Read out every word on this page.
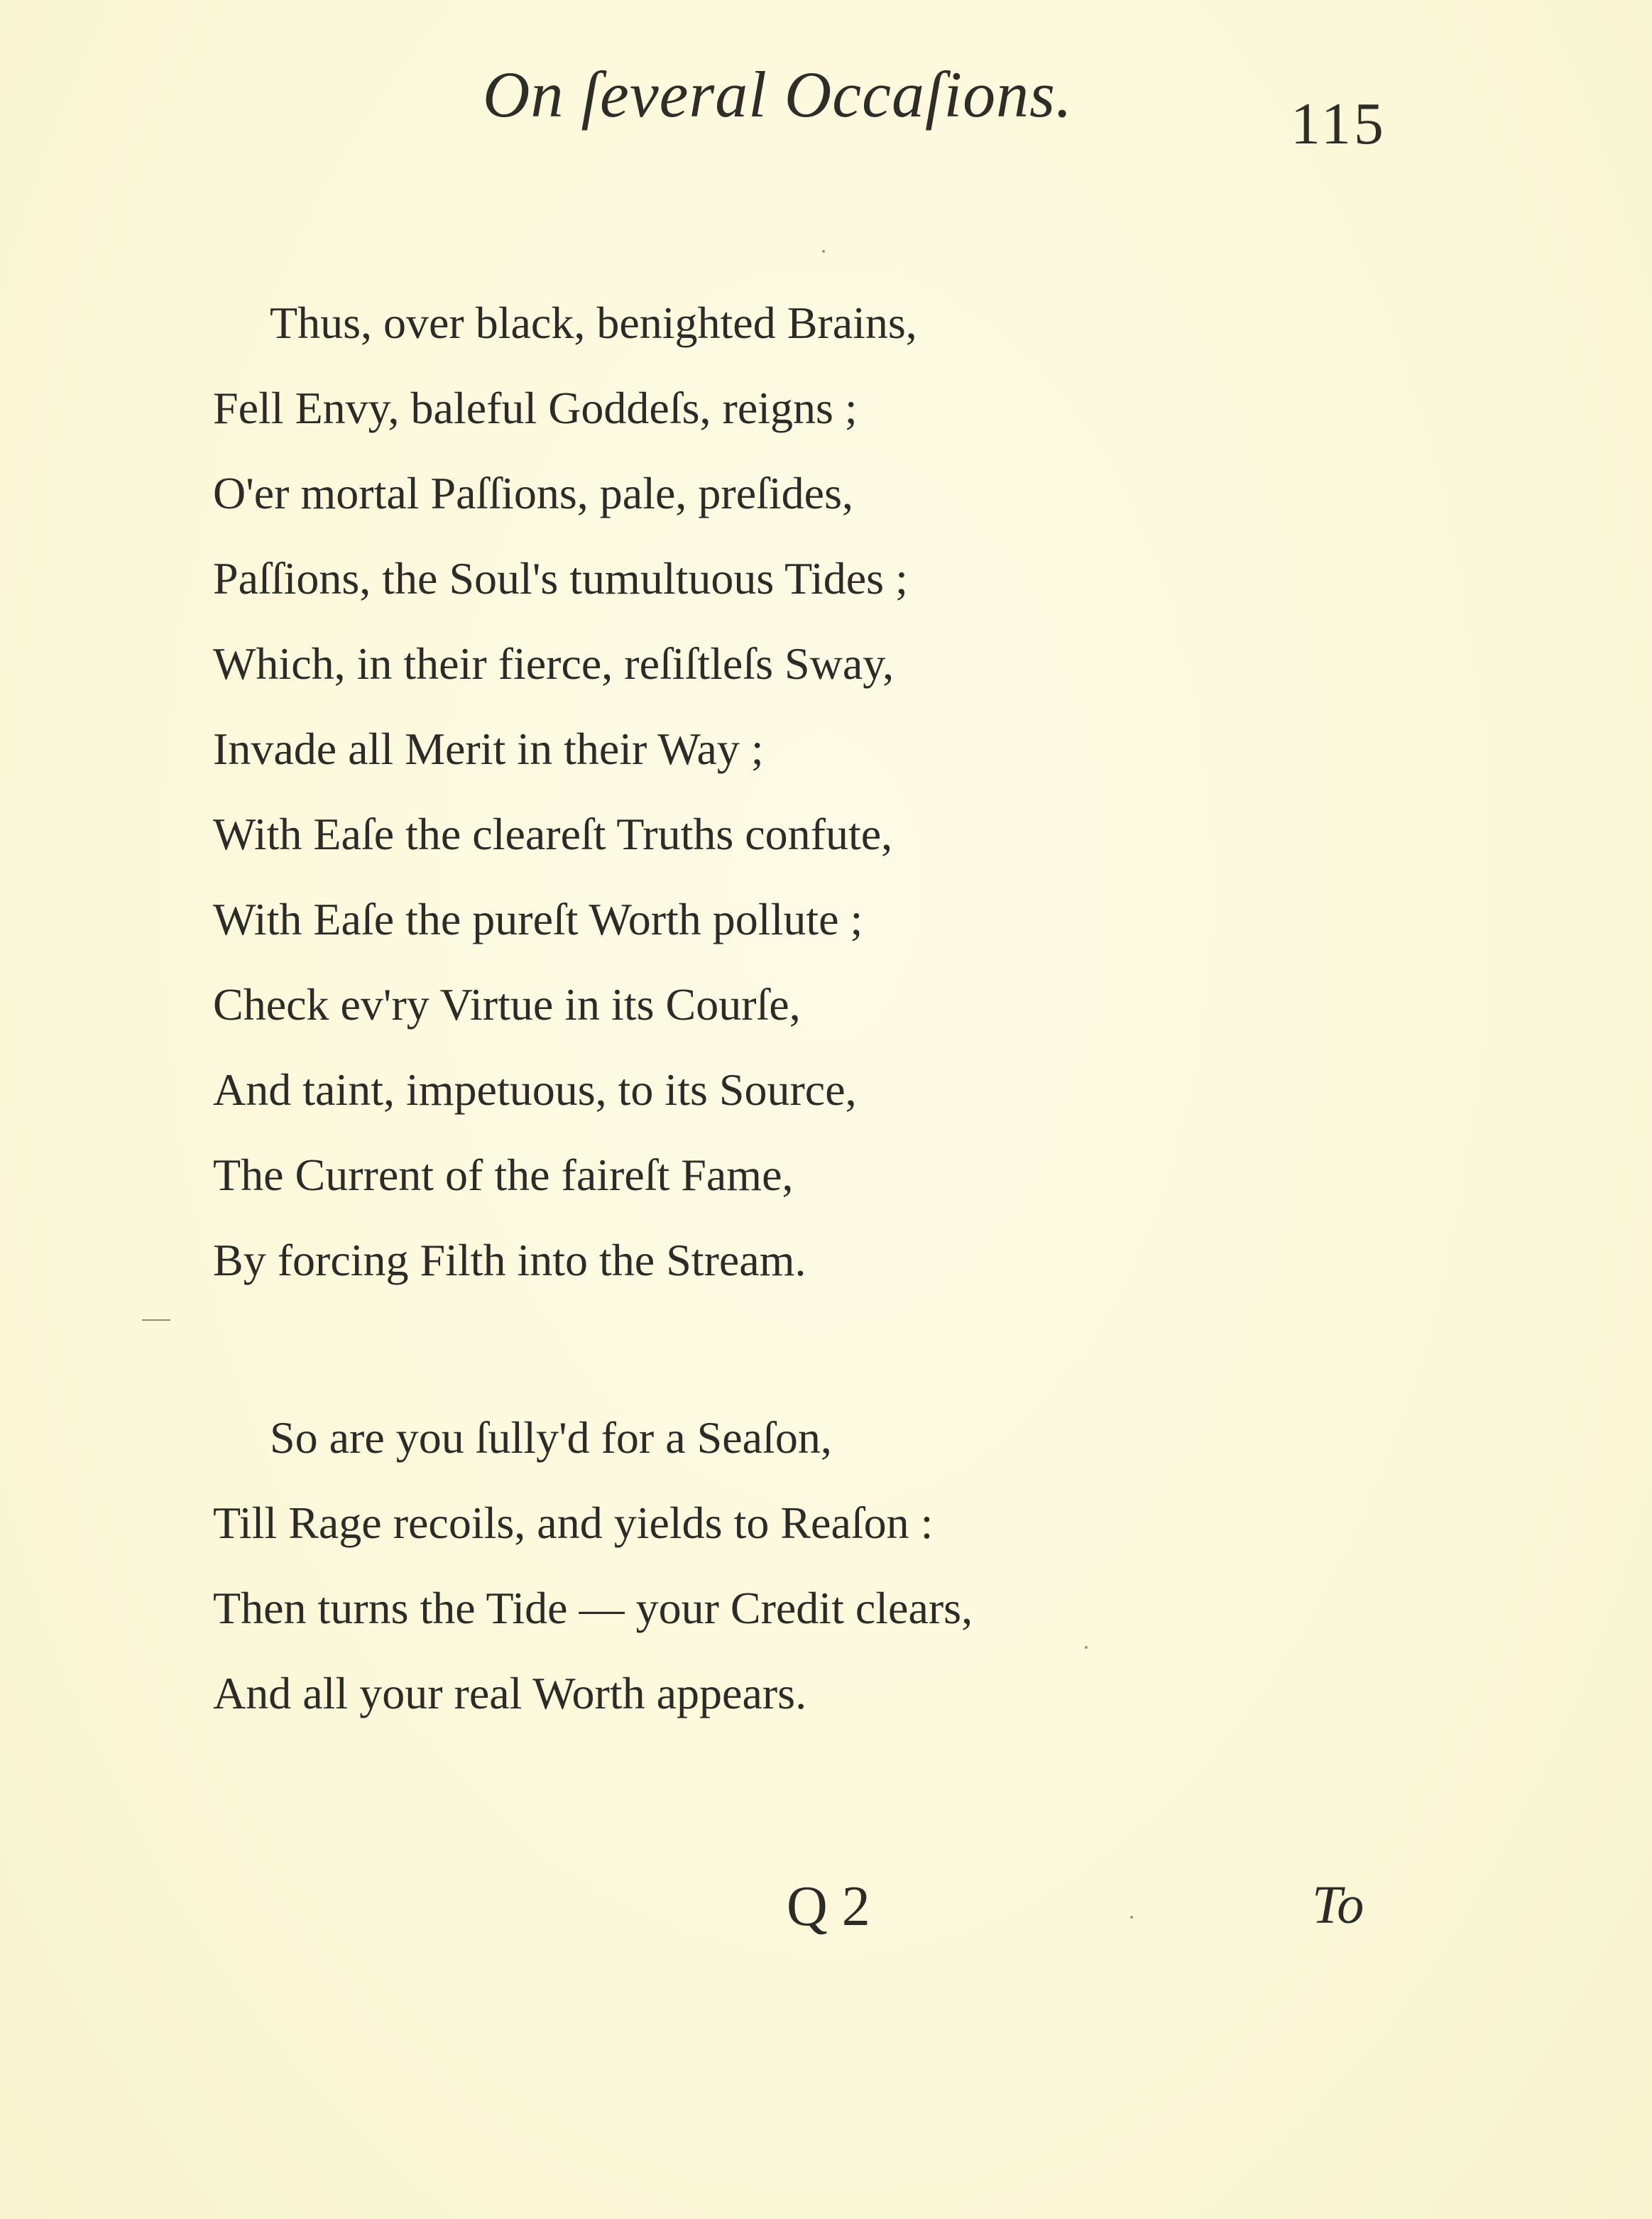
On ſeveral Occaſions.	115
Thus, over black, benighted Brains,
Fell Envy, baleful Goddeſs, reigns ;
O'er mortal Paſſions, pale, preſides,
Paſſions, the Soul's tumultuous Tides ;
Which, in their fierce, reſiſtleſs Sway,
Invade all Merit in their Way ;
With Eaſe the cleareſt Truths confute,
With Eaſe the pureſt Worth pollute ;
Check ev'ry Virtue in its Courſe,
And taint, impetuous, to its Source,
The Current of the faireſt Fame,
By forcing Filth into the Stream.
So are you ſully'd for a Seaſon,
Till Rage recoils, and yields to Reaſon :
Then turns the Tide — your Credit clears,
And all your real Worth appears.
Q 2	To
